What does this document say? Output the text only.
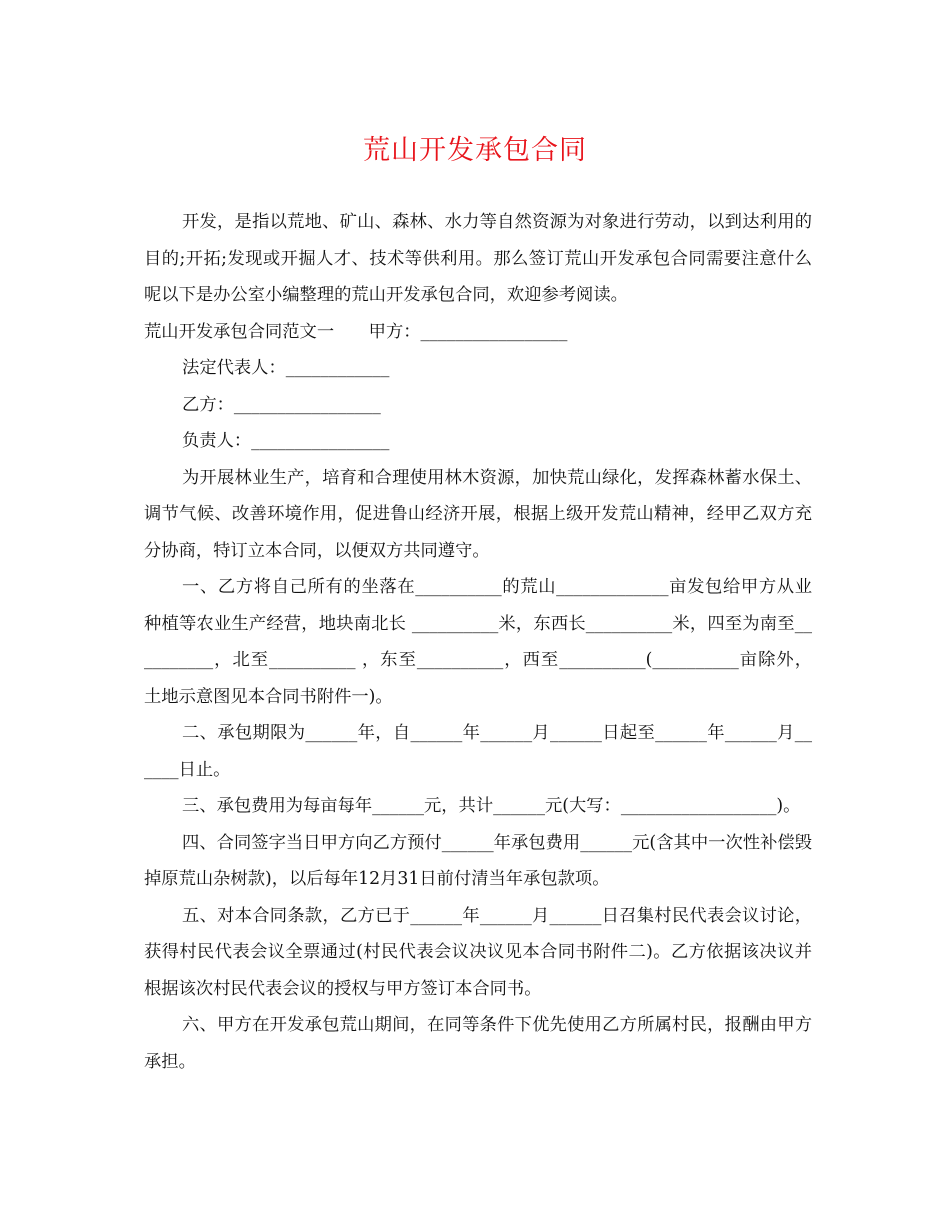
荒山开发承包合同

开发，是指以荒地、矿山、森林、水力等自然资源为对象进行劳动，以到达利用的目的;开拓;发现或开掘人才、技术等供利用。那么签订荒山开发承包合同需要注意什么呢以下是办公室小编整理的荒山开发承包合同，欢迎参考阅读。

荒山开发承包合同范文一　　甲方：_________________

法定代表人：____________

乙方：_________________

负责人：________________

为开展林业生产，培育和合理使用林木资源，加快荒山绿化，发挥森林蓄水保土、调节气候、改善环境作用，促进鲁山经济开展，根据上级开发荒山精神，经甲乙双方充分协商，特订立本合同，以便双方共同遵守。

一、乙方将自己所有的坐落在__________的荒山_____________亩发包给甲方从业种植等农业生产经营，地块南北长 __________米，东西长__________米，四至为南至__________，北至__________ ，东至__________，西至__________(__________亩除外，土地示意图见本合同书附件一)。

二、承包期限为______年，自______年______月______日起至______年______月______日止。

三、承包费用为每亩每年______元，共计______元(大写：__________________)。

四、合同签字当日甲方向乙方预付______年承包费用______元(含其中一次性补偿毁掉原荒山杂树款)，以后每年12月31日前付清当年承包款项。

五、对本合同条款，乙方已于______年______月______日召集村民代表会议讨论，获得村民代表会议全票通过(村民代表会议决议见本合同书附件二)。乙方依据该决议并根据该次村民代表会议的授权与甲方签订本合同书。

六、甲方在开发承包荒山期间，在同等条件下优先使用乙方所属村民，报酬由甲方承担。
